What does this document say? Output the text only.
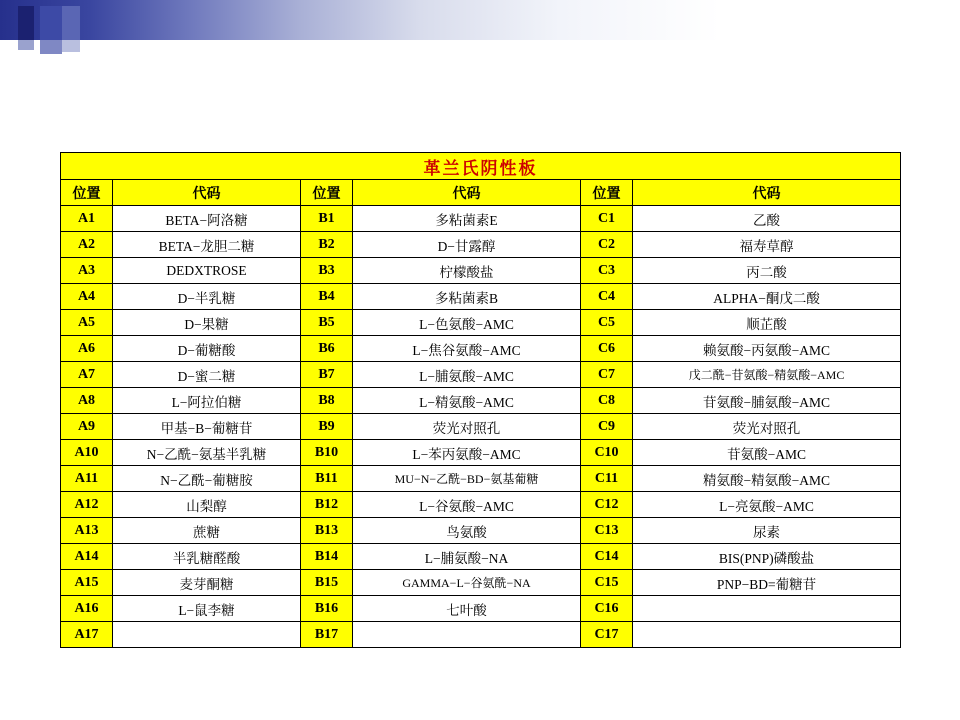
革兰氏阴性板					
位置	代码	位置	代码	位置	代码
A1	BETA−阿洛糖	B1	多粘菌素E	C1	乙酸
A2	BETA−龙胆二糖	B2	D−甘露醇	C2	福寿草醇
A3	DEDXTROSE	B3	柠檬酸盐	C3	丙二酸
A4	D−半乳糖	B4	多粘菌素B	C4	ALPHA−酮戊二酸
A5	D−果糖	B5	L−色氨酸−AMC	C5	顺芷酸
A6	D−葡糖酸	B6	L−焦谷氨酸−AMC	C6	赖氨酸−丙氨酸−AMC
A7	D−蜜二糖	B7	L−脯氨酸−AMC	C7	戊二酰−苷氨酸−精氨酸−AMC
A8	L−阿拉伯糖	B8	L−精氨酸−AMC	C8	苷氨酸−脯氨酸−AMC
A9	甲基−B−葡糖苷	B9	荧光对照孔	C9	荧光对照孔
A10	N−乙酰−氨基半乳糖	B10	L−苯丙氨酸−AMC	C10	苷氨酸−AMC
A11	N−乙酰−葡糖胺	B11	MU−N−乙酰−BD−氨基葡糖	C11	精氨酸−精氨酸−AMC
A12	山梨醇	B12	L−谷氨酸−AMC	C12	L−亮氨酸−AMC
A13	蔗糖	B13	鸟氨酸	C13	尿素
A14	半乳糖醛酸	B14	L−脯氨酸−NA	C14	BIS(PNP)磷酸盐
A15	麦芽酮糖	B15	GAMMA−L−谷氨酰−NA	C15	PNP−BD=葡糖苷
A16	L−鼠李糖	B16	七叶酸	C16	
A17		B17		C17	
